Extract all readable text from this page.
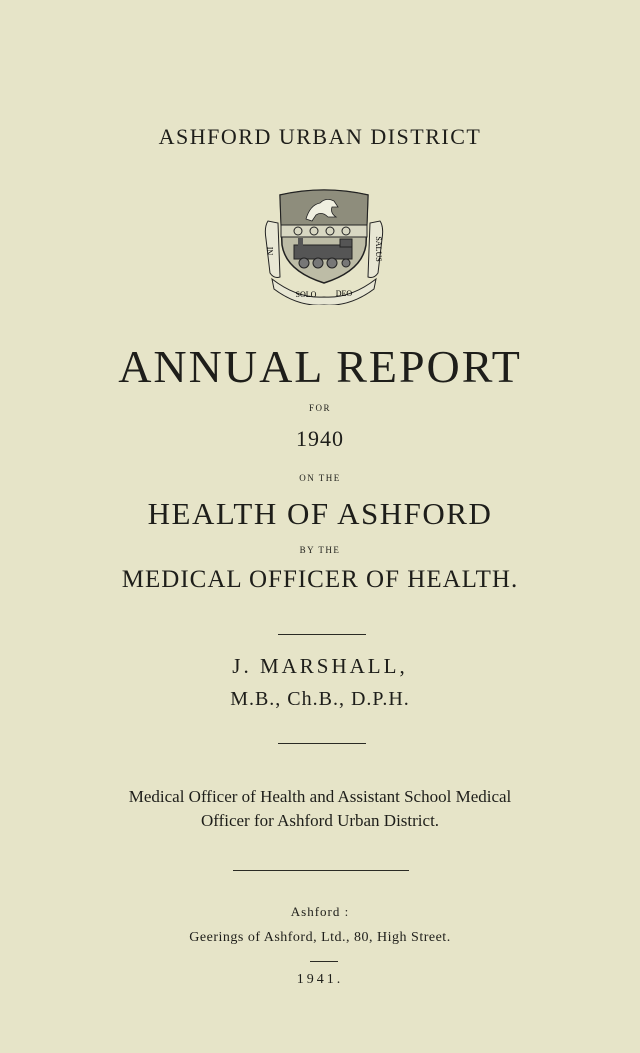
ASHFORD URBAN DISTRICT
NI	SALUS
SOLO DEO
ANNUAL REPORT
FOR
1940
ON THE
HEALTH OF ASHFORD
BY THE
MEDICAL OFFICER OF HEALTH.
J. MARSHALL,
M.B., Ch.B., D.P.H.
Medical Officer of Health and Assistant School Medical
Officer for Ashford Urban District.
Ashford :
Geerings of Ashford, Ltd., 80, High Street.
1941.
